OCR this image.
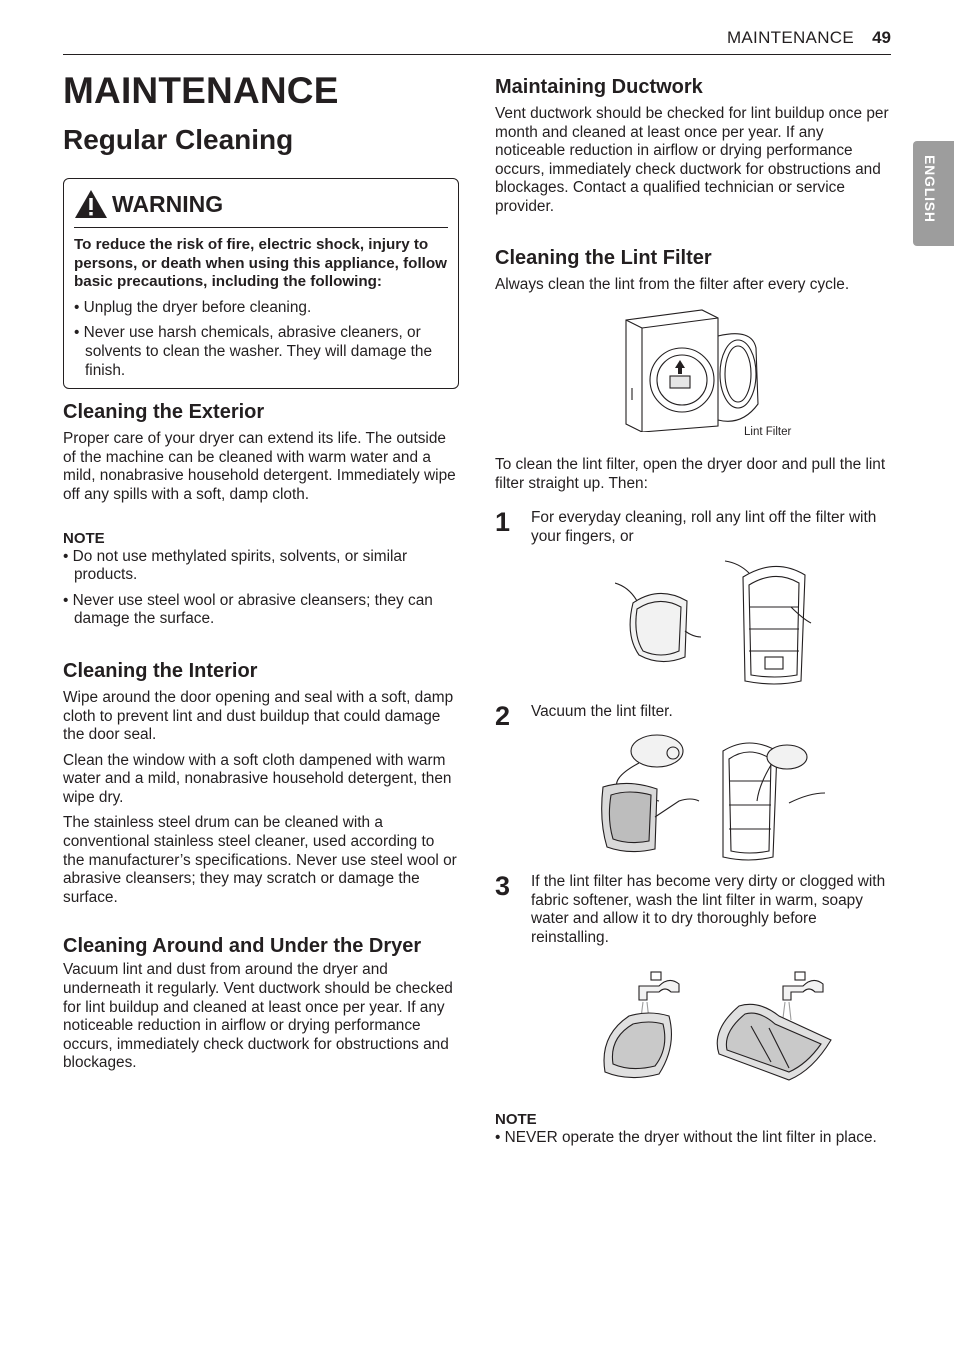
MAINTENANCE 49
ENGLISH
MAINTENANCE
Regular Cleaning
WARNING

To reduce the risk of fire, electric shock, injury to persons, or death when using this appliance, follow basic precautions, including the following:

• Unplug the dryer before cleaning.

• Never use harsh chemicals, abrasive cleaners, or solvents to clean the washer. They will damage the finish.

Cleaning the Exterior

Proper care of your dryer can extend its life. The outside of the machine can be cleaned with warm water and a mild, nonabrasive household detergent. Immediately wipe off any spills with a soft, damp cloth.

NOTE

• Do not use methylated spirits, solvents, or similar products.

• Never use steel wool or abrasive cleansers; they can damage the surface.

Cleaning the Interior

Wipe around the door opening and seal with a soft, damp cloth to prevent lint and dust buildup that could damage the door seal.

Clean the window with a soft cloth dampened with warm water and a mild, nonabrasive household detergent, then wipe dry.

The stainless steel drum can be cleaned with a conventional stainless steel cleaner, used according to the manufacturer’s specifications. Never use steel wool or abrasive cleansers; they may scratch or damage the surface.

Cleaning Around and Under the Dryer

Vacuum lint and dust from around the dryer and underneath it regularly. Vent ductwork should be checked for lint buildup and cleaned at least once per year. If any noticeable reduction in airflow or drying performance occurs, immediately check ductwork for obstructions and blockages.

Maintaining Ductwork

Vent ductwork should be checked for lint buildup once per month and cleaned at least once per year. If any noticeable reduction in airflow or drying performance occurs, immediately check ductwork for obstructions and blockages. Contact a qualified technician or service provider.

Cleaning the Lint Filter

Always clean the lint from the filter after every cycle.

Lint Filter

To clean the lint filter, open the dryer door and pull the lint filter straight up. Then:

1 For everyday cleaning, roll any lint off the filter with your fingers, or

2 Vacuum the lint filter.

3 If the lint filter has become very dirty or clogged with fabric softener, wash the lint filter in warm, soapy water and allow it to dry thoroughly before reinstalling.

NOTE

• NEVER operate the dryer without the lint filter in place.
